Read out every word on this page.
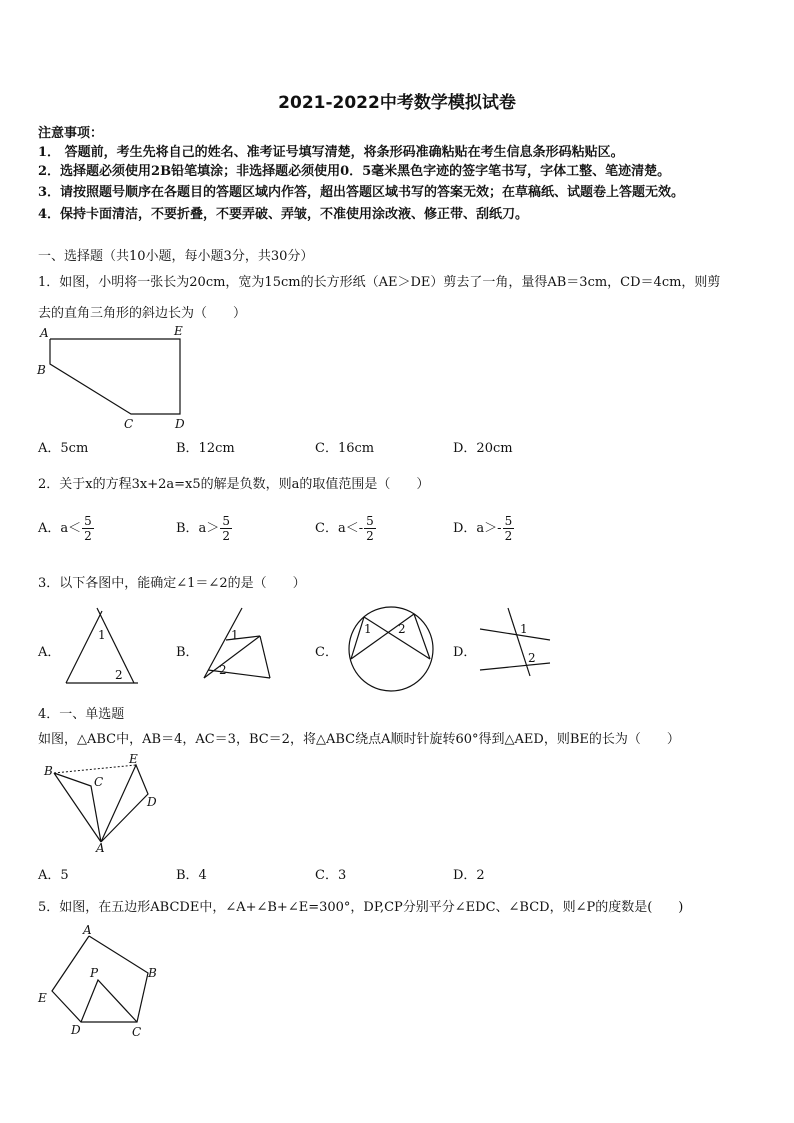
2021-2022中考数学模拟试卷
注意事项：
1． 答题前，考生先将自己的姓名、准考证号填写清楚，将条形码准确粘贴在考生信息条形码粘贴区。
2．选择题必须使用2B铅笔填涂；非选择题必须使用0．5毫米黑色字迹的签字笔书写，字体工整、笔迹清楚。
3．请按照题号顺序在各题目的答题区域内作答，超出答题区域书写的答案无效；在草稿纸、试题卷上答题无效。
4．保持卡面清洁，不要折叠，不要弄破、弄皱，不准使用涂改液、修正带、刮纸刀。
一、选择题（共10小题，每小题3分，共30分）
1．如图，小明将一张长为20cm，宽为15cm的长方形纸（AE＞DE）剪去了一角，量得AB＝3cm，CD＝4cm，则剪
去的直角三角形的斜边长为（　　）
A	E
B
C	D
A．5cm	B．12cm	C．16cm	D．20cm
2．关于x的方程3x+2a=x5的解是负数，则a的取值范围是（　　）
A．$a< \frac{5}{2}$	B．$a> \frac{5}{2}$	C．$a<- \frac{5}{2}$	D．$a>- \frac{5}{2}$
3．以下各图中，能确定∠1＝∠2的是（　　）
A．
1
2
B．
1
2
C．
1 2
D．
1
2
4．一、单选题
如图，△ABC中，AB＝4，AC＝3，BC＝2，将△ABC绕点A顺时针旋转60°得到△AED，则BE的长为（　　）
B
C
E
D
A
A．5	B．4	C．3	D．2
5．如图，在五边形ABCDE中，∠A+∠B+∠E=300°，DP,CP分别平分∠EDC、∠BCD，则∠P的度数是(　　)
A
B
P
E
D	C
